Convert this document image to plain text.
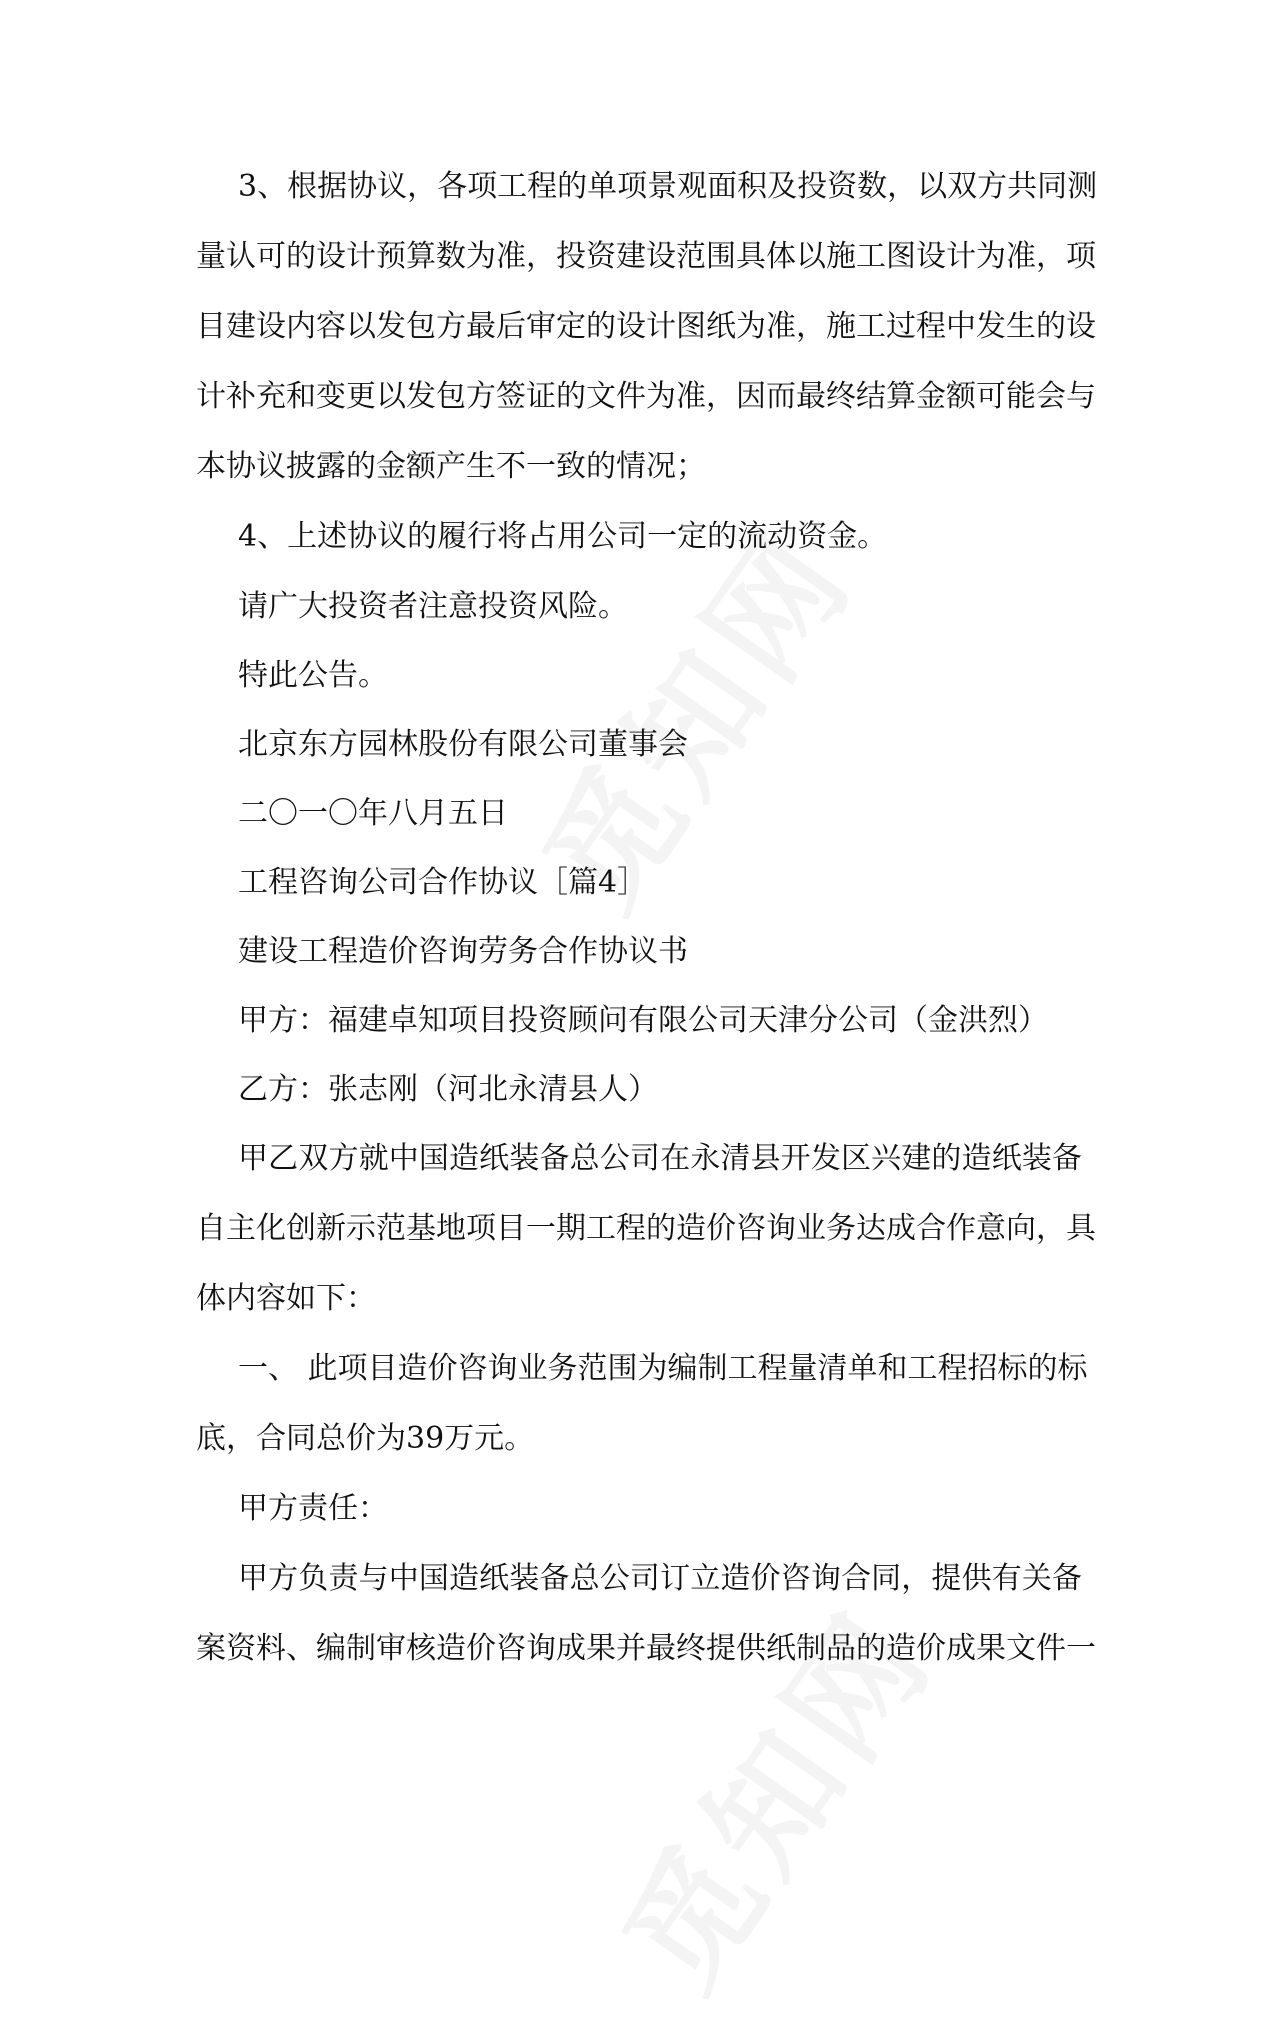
3、根据协议，各项工程的单项景观面积及投资数，以双方共同测
量认可的设计预算数为准，投资建设范围具体以施工图设计为准，项
目建设内容以发包方最后审定的设计图纸为准，施工过程中发生的设
计补充和变更以发包方签证的文件为准，因而最终结算金额可能会与
本协议披露的金额产生不一致的情况；
4、上述协议的履行将占用公司一定的流动资金。
请广大投资者注意投资风险。
特此公告。
北京东方园林股份有限公司董事会
二〇一〇年八月五日
工程咨询公司合作协议［篇4］
建设工程造价咨询劳务合作协议书
甲方：福建卓知项目投资顾问有限公司天津分公司（金洪烈）
乙方：张志刚（河北永清县人）
甲乙双方就中国造纸装备总公司在永清县开发区兴建的造纸装备
自主化创新示范基地项目一期工程的造价咨询业务达成合作意向，具
体内容如下：
一、 此项目造价咨询业务范围为编制工程量清单和工程招标的标
底，合同总价为39万元。
甲方责任：
甲方负责与中国造纸装备总公司订立造价咨询合同，提供有关备
案资料、编制审核造价咨询成果并最终提供纸制品的造价成果文件一
